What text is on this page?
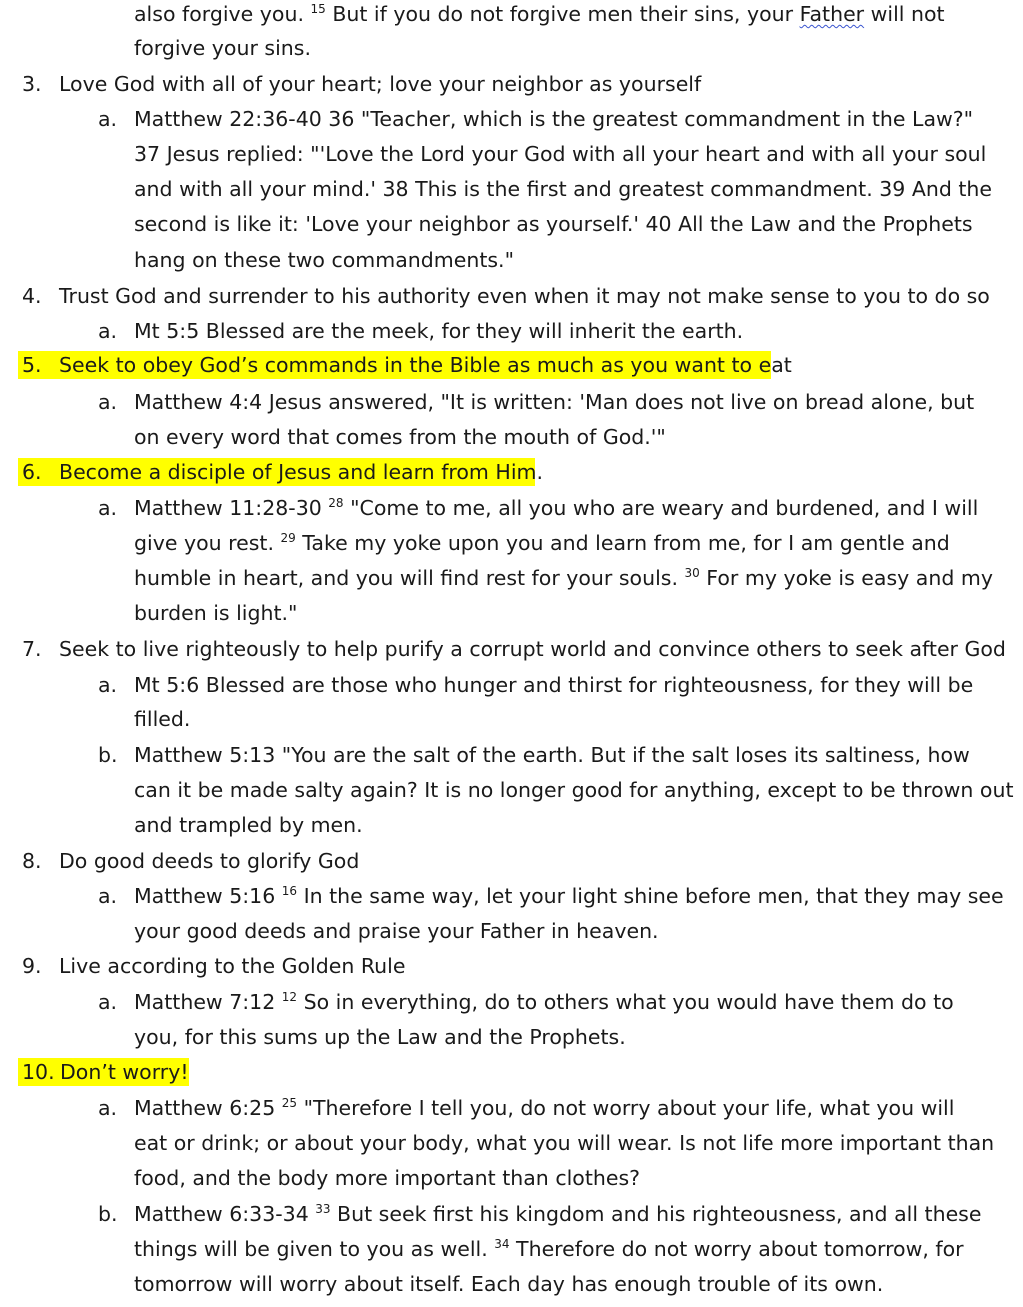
also forgive you. $^{15}$ But if you do not forgive men their sins, your Father will not
forgive your sins.
3. Love God with all of your heart; love your neighbor as yourself
a. Matthew 22:36-40 36 "Teacher, which is the greatest commandment in the Law?"
37 Jesus replied: "'Love the Lord your God with all your heart and with all your soul
and with all your mind.' 38 This is the first and greatest commandment. 39 And the
second is like it: 'Love your neighbor as yourself.' 40 All the Law and the Prophets
hang on these two commandments."
4. Trust God and surrender to his authority even when it may not make sense to you to do so
a. Mt 5:5 Blessed are the meek, for they will inherit the earth.
5. Seek to obey God’s commands in the Bible as much as you want to eat
a. Matthew 4:4 Jesus answered, "It is written: 'Man does not live on bread alone, but
on every word that comes from the mouth of God.'"
6. Become a disciple of Jesus and learn from Him.
a. Matthew 11:28-30 $^{28}$ "Come to me, all you who are weary and burdened, and I will
give you rest. $^{29}$ Take my yoke upon you and learn from me, for I am gentle and
humble in heart, and you will find rest for your souls. $^{30}$ For my yoke is easy and my
burden is light."
7. Seek to live righteously to help purify a corrupt world and convince others to seek after God
a. Mt 5:6 Blessed are those who hunger and thirst for righteousness, for they will be
filled.
b. Matthew 5:13 "You are the salt of the earth. But if the salt loses its saltiness, how
can it be made salty again? It is no longer good for anything, except to be thrown out
and trampled by men.
8. Do good deeds to glorify God
a. Matthew 5:16 $^{16}$ In the same way, let your light shine before men, that they may see
your good deeds and praise your Father in heaven.
9. Live according to the Golden Rule
a. Matthew 7:12 $^{12}$ So in everything, do to others what you would have them do to
you, for this sums up the Law and the Prophets.
10. Don’t worry!
a. Matthew 6:25 $^{25}$ "Therefore I tell you, do not worry about your life, what you will
eat or drink; or about your body, what you will wear. Is not life more important than
food, and the body more important than clothes?
b. Matthew 6:33-34 $^{33}$ But seek first his kingdom and his righteousness, and all these
things will be given to you as well. $^{34}$ Therefore do not worry about tomorrow, for
tomorrow will worry about itself. Each day has enough trouble of its own.
